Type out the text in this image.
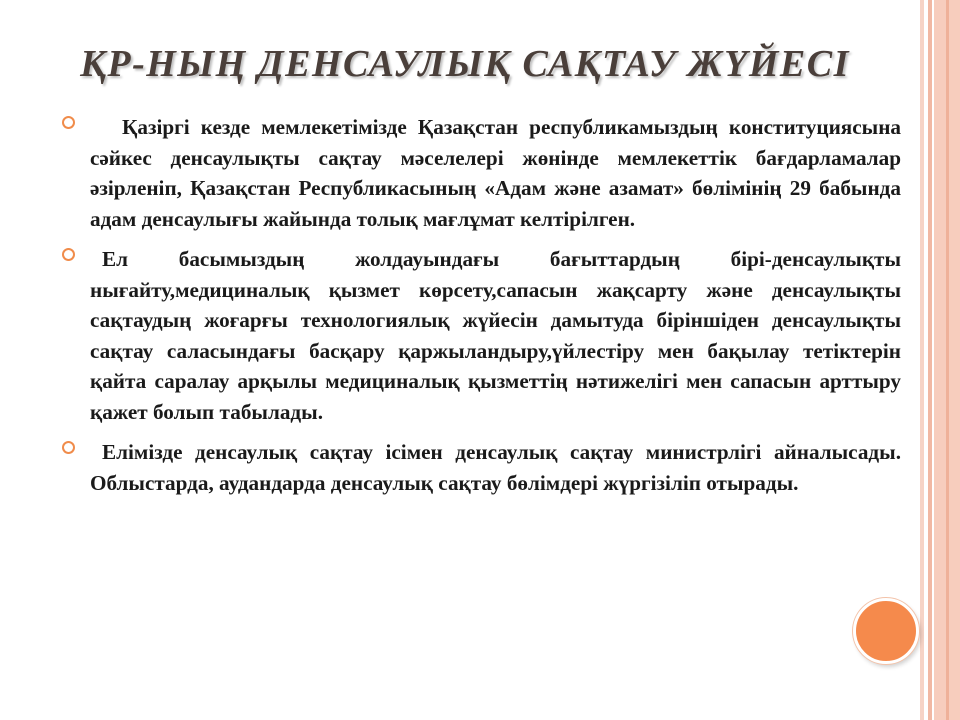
ҚР-НЫҢ ДЕНСАУЛЫҚ САҚТАУ ЖҮЙЕСІ

Қазіргі кезде мемлекетімізде Қазақстан республикамыздың конституциясына сәйкес денсаулықты сақтау мәселелері жөнінде мемлекеттік бағдарламалар әзірленіп, Қазақстан Республикасының «Адам және азамат» бөлімінің 29 бабында адам денсаулығы жайында толық мағлұмат келтірілген.

Ел басымыздың жолдауындағы бағыттардың бірі-денсаулықты нығайту,медициналық қызмет көрсету,сапасын жақсарту және денсаулықты сақтаудың жоғарғы технологиялық жүйесін дамытуда біріншіден денсаулықты сақтау саласындағы басқару қаржыландыру,үйлестіру мен бақылау тетіктерін қайта саралау арқылы медициналық қызметтің нәтижелігі мен сапасын арттыру қажет болып табылады.

Елімізде денсаулық сақтау ісімен денсаулық сақтау министрлігі айналысады. Облыстарда, аудандарда денсаулық сақтау бөлімдері жүргізіліп отырады.
